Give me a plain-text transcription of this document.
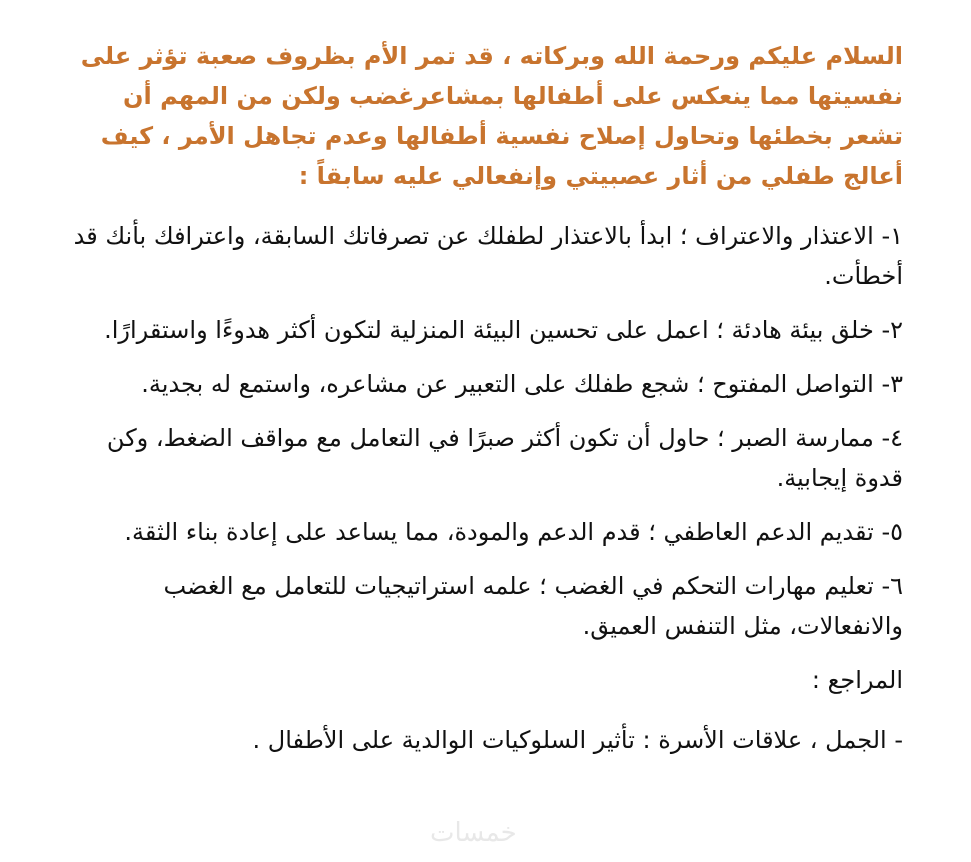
السلام عليكم ورحمة الله وبركاته ، قد تمر الأم بظروف صعبة تؤثر على نفسيتها مما ينعكس على أطفالها بمشاعرغضب ولكن من المهم أن تشعر بخطئها وتحاول إصلاح نفسية أطفالها وعدم تجاهل الأمر ، كيف أعالج طفلي من أثار عصبيتي وإنفعالي عليه سابقاً :

١- الاعتذار والاعتراف ؛ ابدأ بالاعتذار لطفلك عن تصرفاتك السابقة، واعترافك بأنك قد أخطأت.

٢- خلق بيئة هادئة ؛ اعمل على تحسين البيئة المنزلية لتكون أكثر هدوءًا واستقرارًا.

٣- التواصل المفتوح ؛ شجع طفلك على التعبير عن مشاعره، واستمع له بجدية.

٤- ممارسة الصبر ؛ حاول أن تكون أكثر صبرًا في التعامل مع مواقف الضغط، وكن قدوة إيجابية.

٥- تقديم الدعم العاطفي ؛ قدم الدعم والمودة، مما يساعد على إعادة بناء الثقة.

٦- تعليم مهارات التحكم في الغضب ؛ علمه استراتيجيات للتعامل مع الغضب والانفعالات، مثل التنفس العميق.

المراجع :

- الجمل ، علاقات الأسرة : تأثير السلوكيات الوالدية على الأطفال .

خمسات
